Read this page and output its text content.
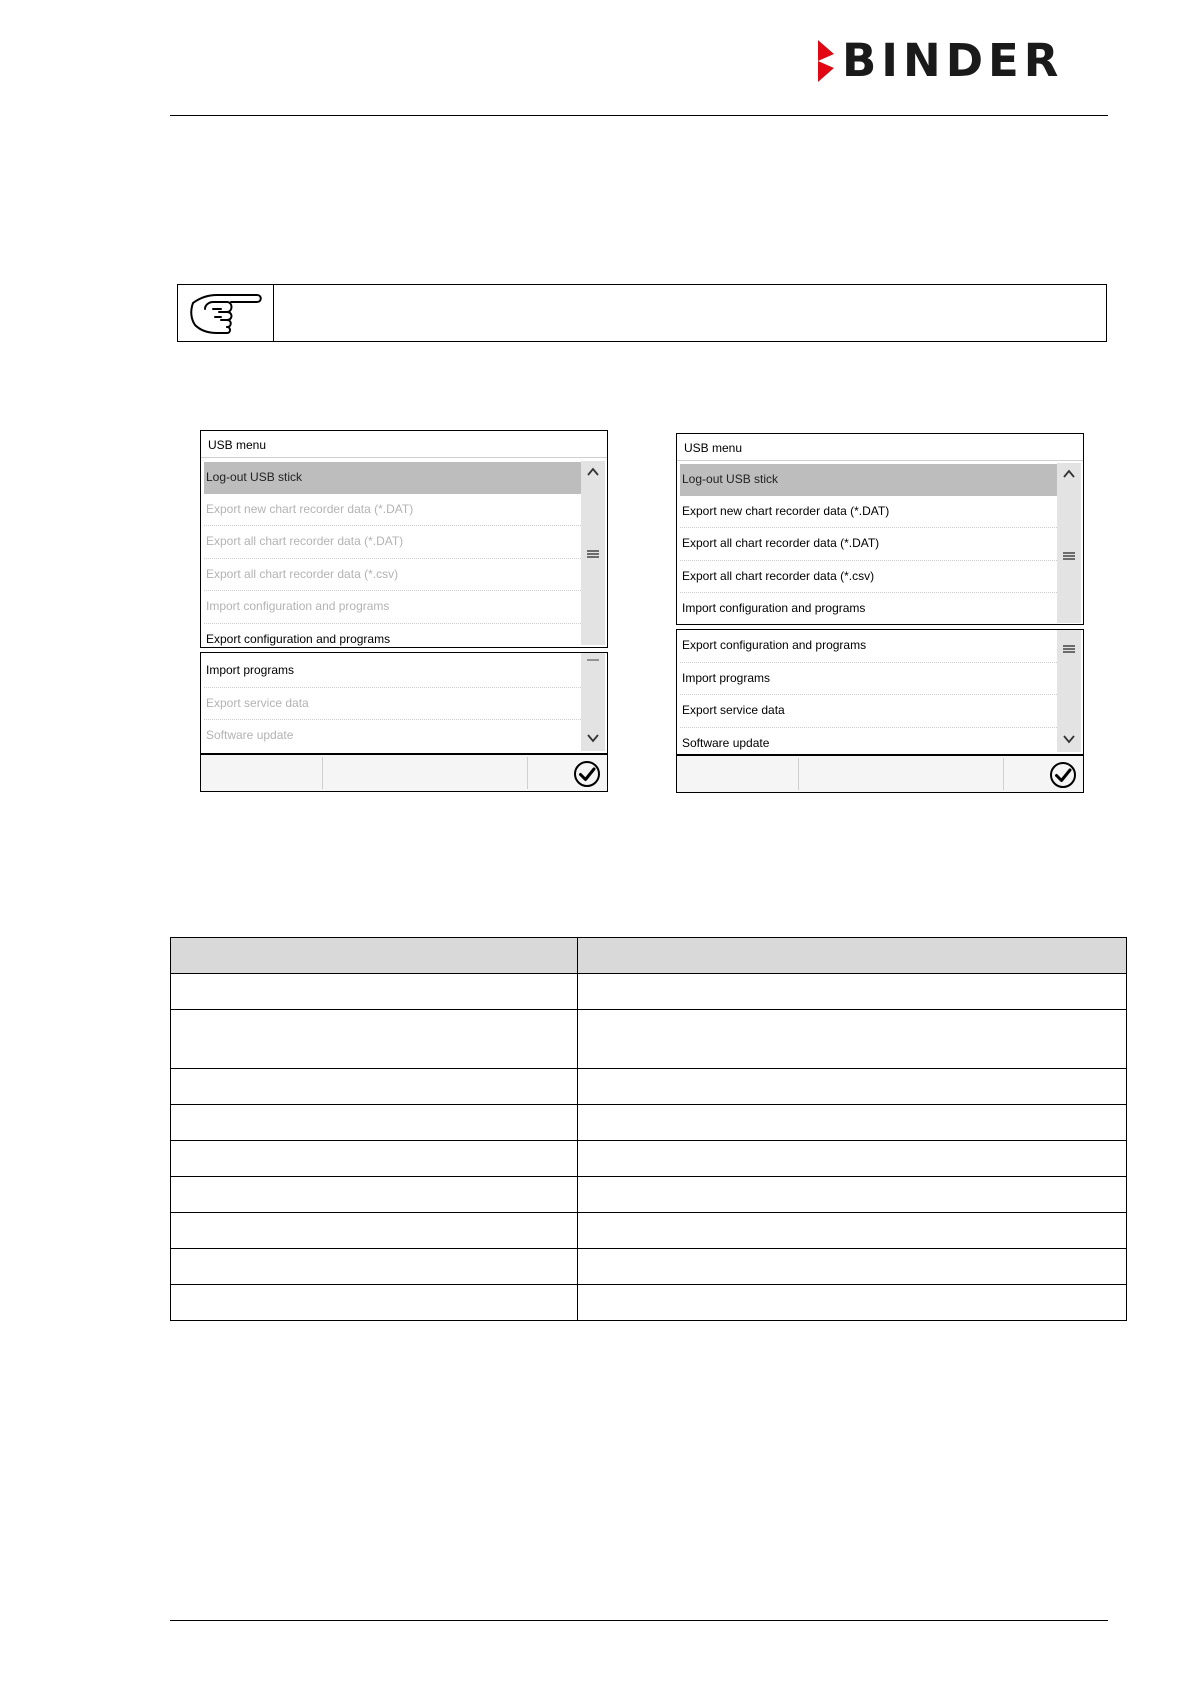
BINDER
USB menu
Log-out USB stick
Export new chart recorder data (*.DAT)
Export all chart recorder data (*.DAT)
Export all chart recorder data (*.csv)
Import configuration and programs
Export configuration and programs
Import programs
Export service data
Software update
USB menu
Log-out USB stick
Export new chart recorder data (*.DAT)
Export all chart recorder data (*.DAT)
Export all chart recorder data (*.csv)
Import configuration and programs
Export configuration and programs
Import programs
Export service data
Software update
